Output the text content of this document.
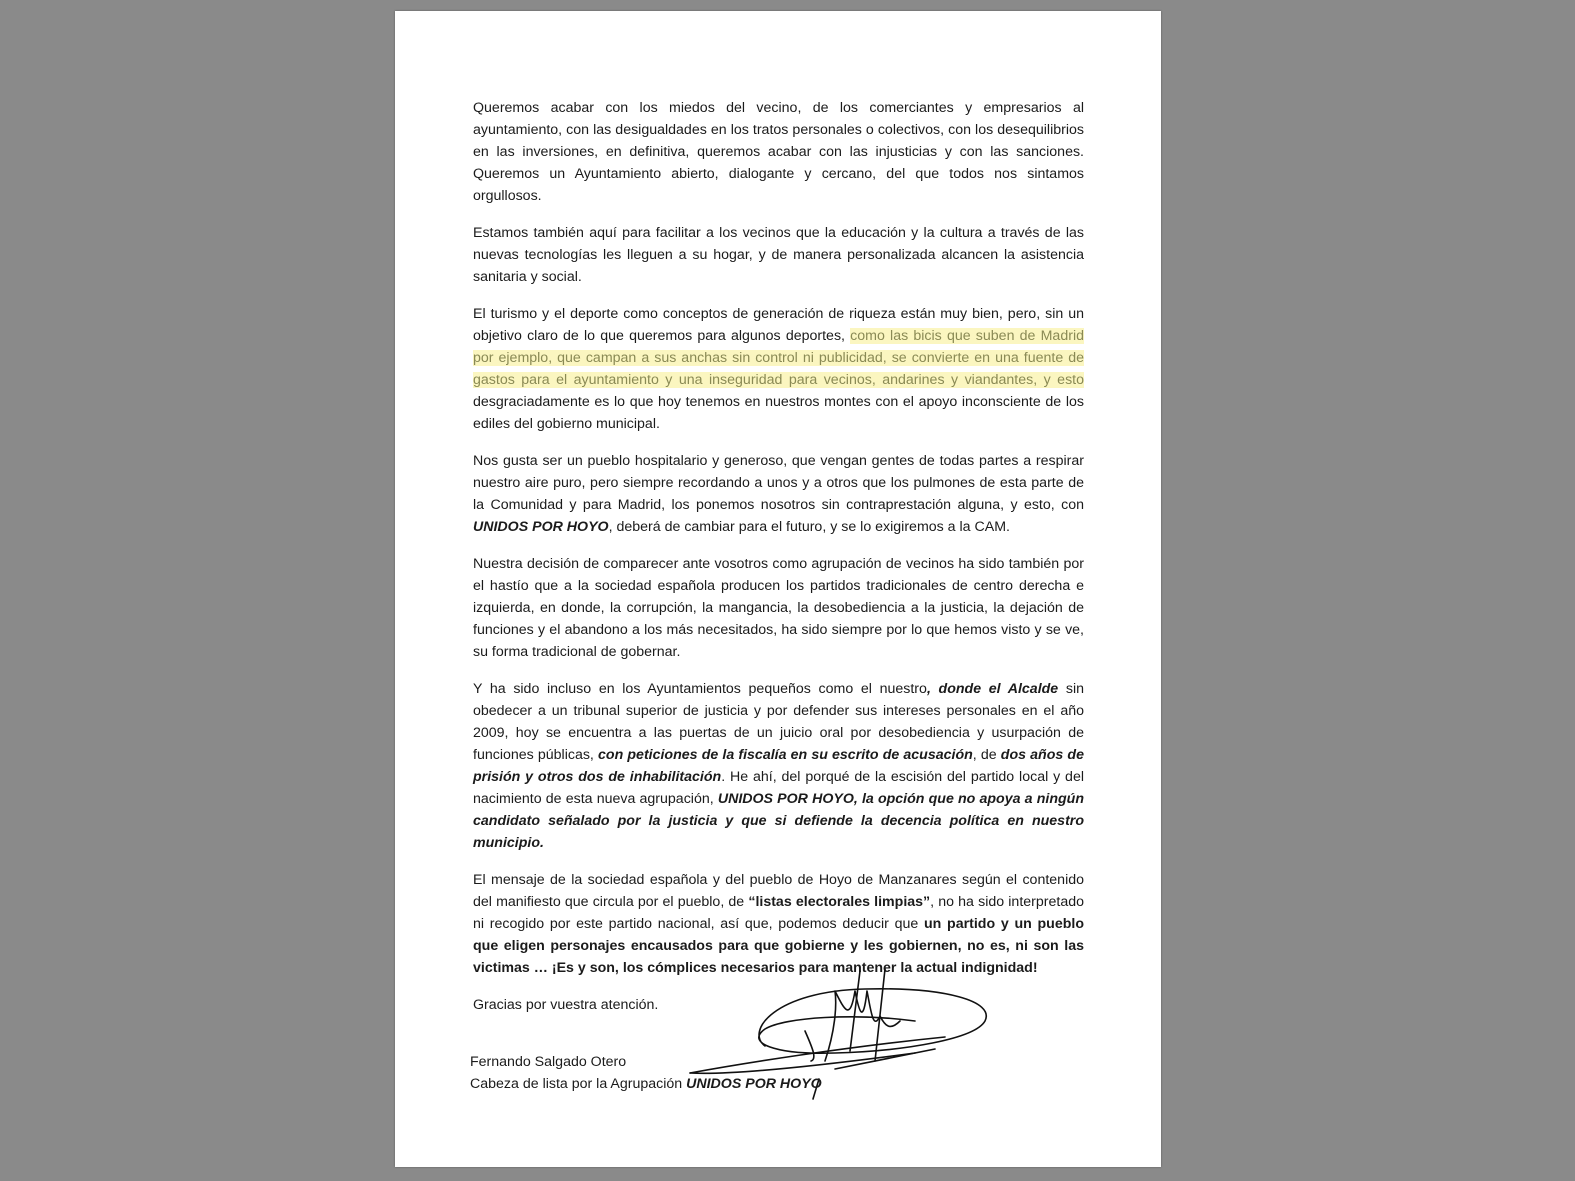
Queremos acabar con los miedos del vecino, de los comerciantes y empresarios al ayuntamiento, con las desigualdades en los tratos personales o colectivos, con los desequilibrios en las inversiones, en definitiva, queremos acabar con las injusticias y con las sanciones. Queremos un Ayuntamiento abierto, dialogante y cercano, del que todos nos sintamos orgullosos.

Estamos también aquí para facilitar a los vecinos que la educación y la cultura a través de las nuevas tecnologías les lleguen a su hogar, y de manera personalizada alcancen la asistencia sanitaria y social.

El turismo y el deporte como conceptos de generación de riqueza están muy bien, pero, sin un objetivo claro de lo que queremos para algunos deportes, como las bicis que suben de Madrid por ejemplo, que campan a sus anchas sin control ni publicidad, se convierte en una fuente de gastos para el ayuntamiento y una inseguridad para vecinos, andarines y viandantes, y esto desgraciadamente es lo que hoy tenemos en nuestros montes con el apoyo inconsciente de los ediles del gobierno municipal.

Nos gusta ser un pueblo hospitalario y generoso, que vengan gentes de todas partes a respirar nuestro aire puro, pero siempre recordando a unos y a otros que los pulmones de esta parte de la Comunidad y para Madrid, los ponemos nosotros sin contraprestación alguna, y esto, con UNIDOS POR HOYO, deberá de cambiar para el futuro, y se lo exigiremos a la CAM.

Nuestra decisión de comparecer ante vosotros como agrupación de vecinos ha sido también por el hastío que a la sociedad española producen los partidos tradicionales de centro derecha e izquierda, en donde, la corrupción, la mangancia, la desobediencia a la justicia, la dejación de funciones y el abandono a los más necesitados, ha sido siempre por lo que hemos visto y se ve, su forma tradicional de gobernar.

Y ha sido incluso en los Ayuntamientos pequeños como el nuestro, donde el Alcalde sin obedecer a un tribunal superior de justicia y por defender sus intereses personales en el año 2009, hoy se encuentra a las puertas de un juicio oral por desobediencia y usurpación de funciones públicas, con peticiones de la fiscalía en su escrito de acusación, de dos años de prisión y otros dos de inhabilitación. He ahí, del porqué de la escisión del partido local y del nacimiento de esta nueva agrupación, UNIDOS POR HOYO, la opción que no apoya a ningún candidato señalado por la justicia y que si defiende la decencia política en nuestro municipio.

El mensaje de la sociedad española y del pueblo de Hoyo de Manzanares según el contenido del manifiesto que circula por el pueblo, de “listas electorales limpias”, no ha sido interpretado ni recogido por este partido nacional, así que, podemos deducir que un partido y un pueblo que eligen personajes encausados para que gobierne y les gobiernen, no es, ni son las victimas … ¡Es y son, los cómplices necesarios para mantener la actual indignidad!

Gracias por vuestra atención.

Fernando Salgado Otero
Cabeza de lista por la Agrupación UNIDOS POR HOYO
